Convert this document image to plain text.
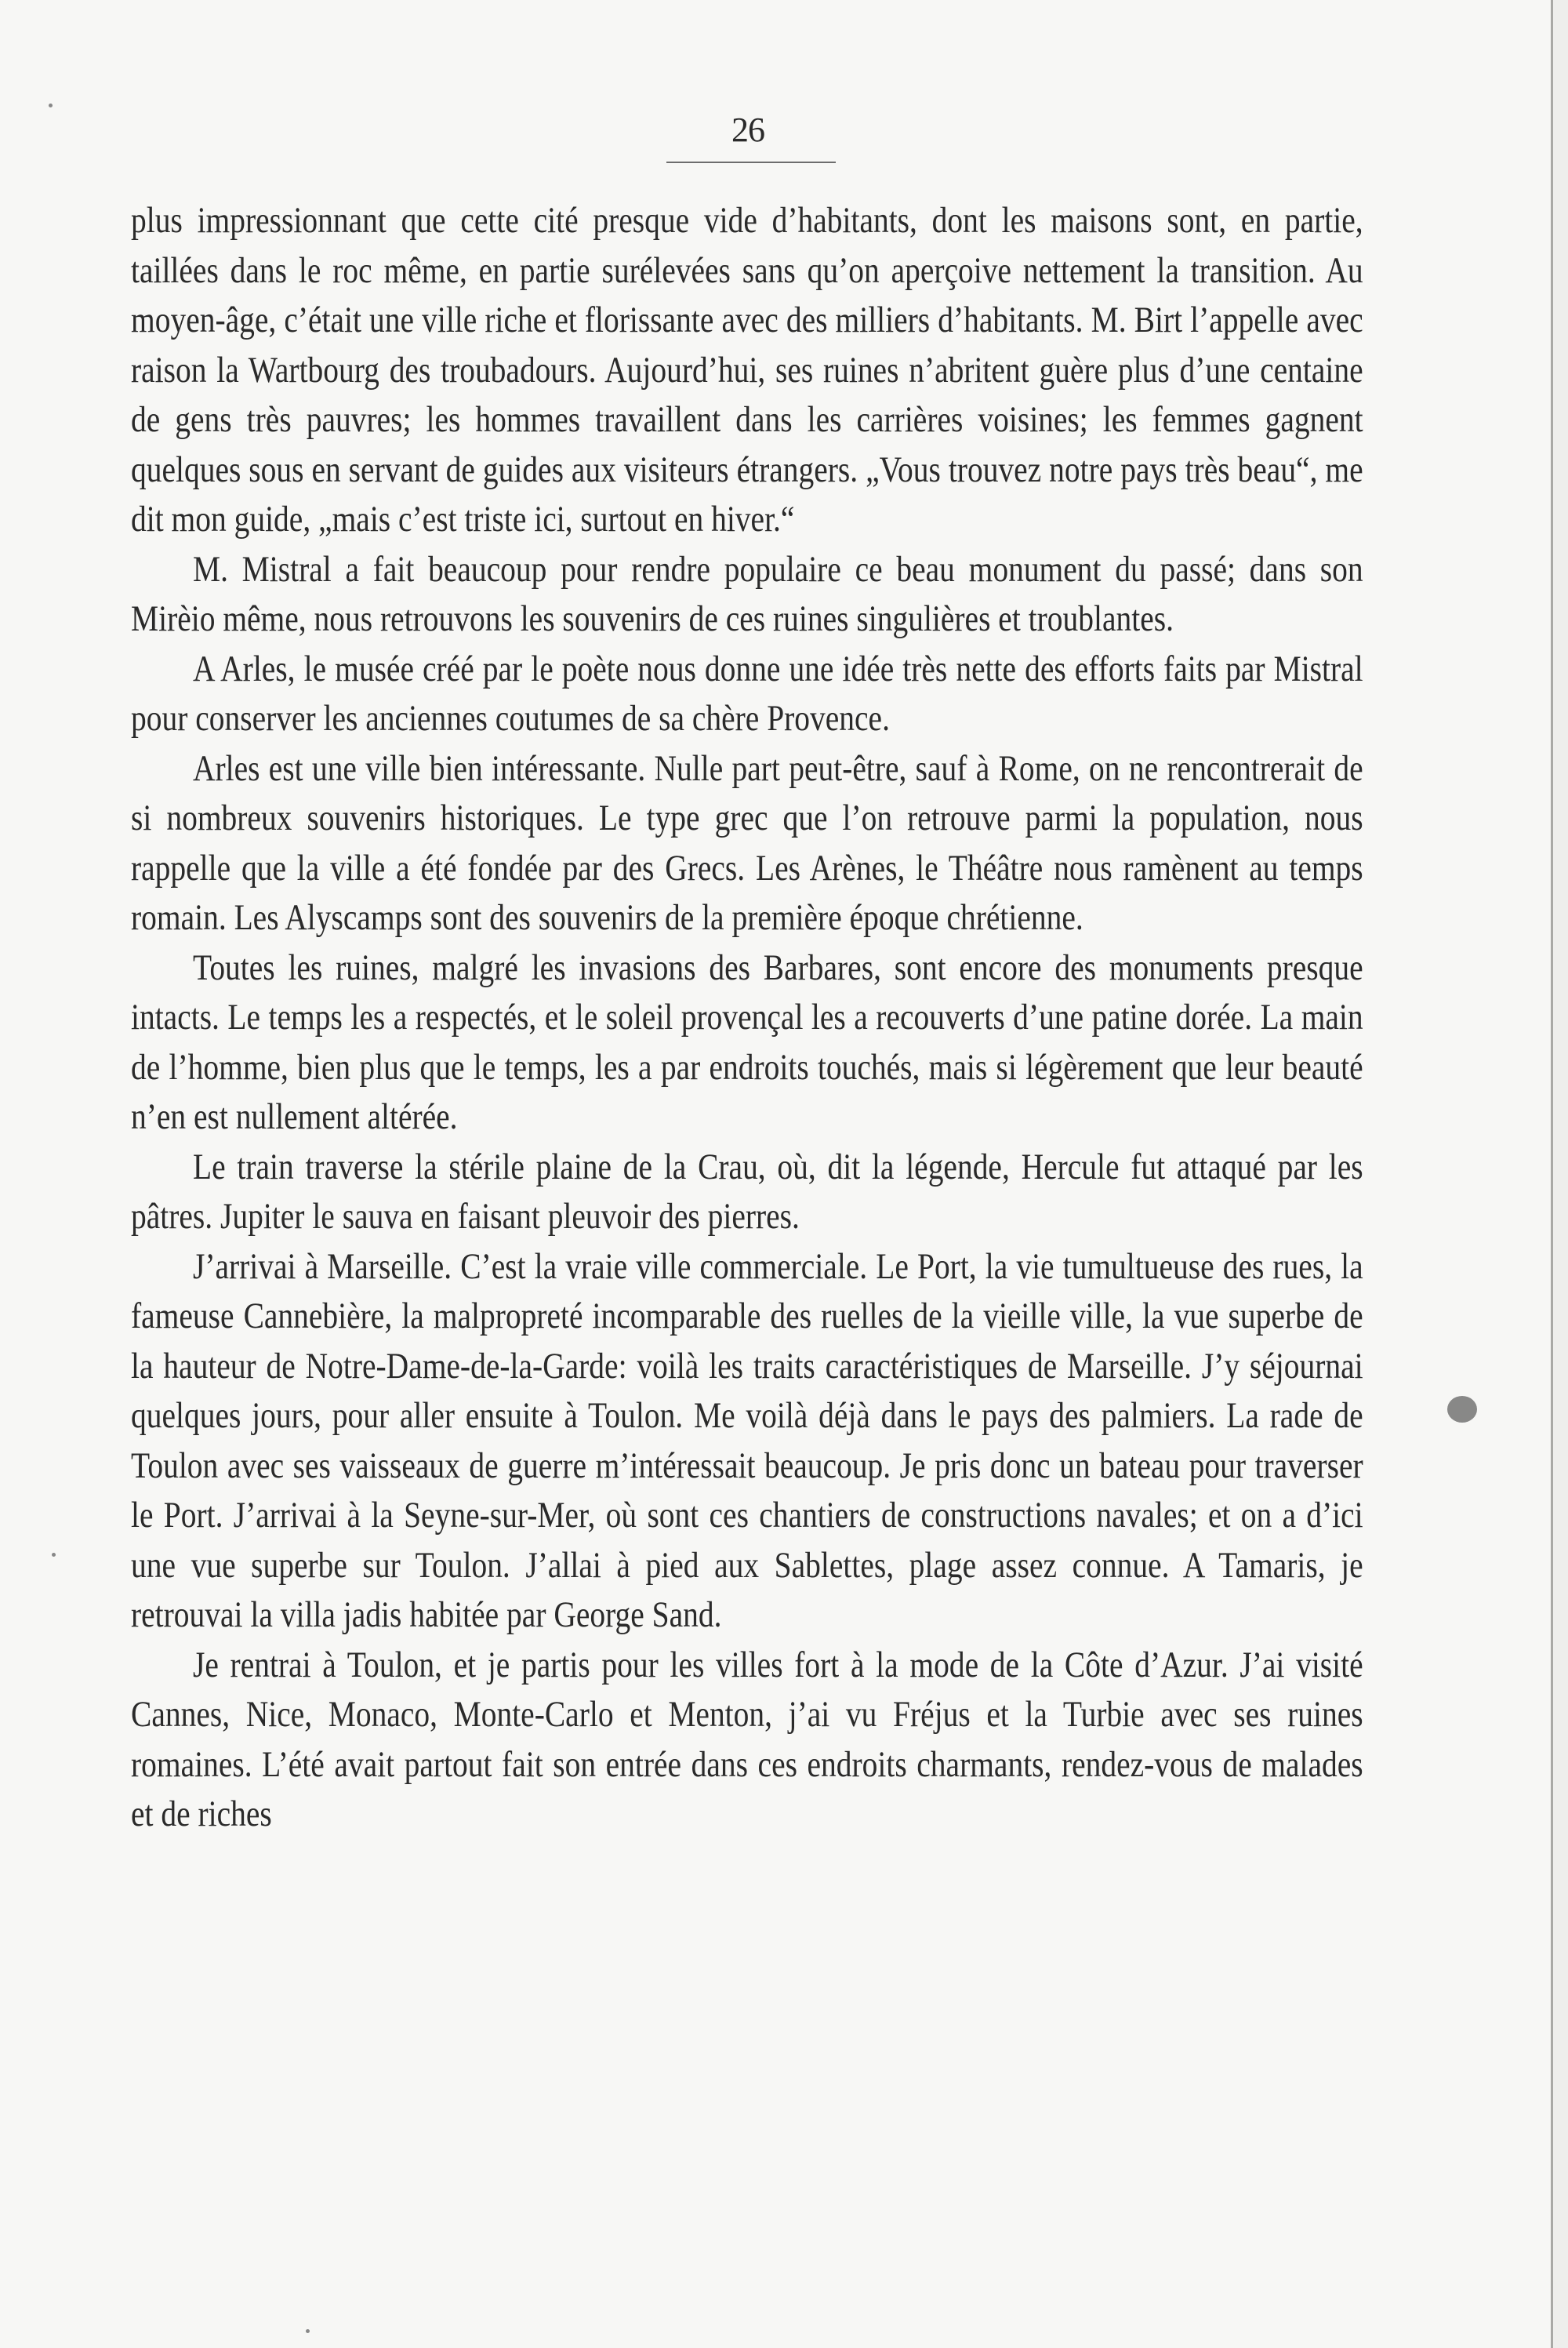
26

plus impressionnant que cette cité presque vide d’habitants, dont les maisons sont, en partie, taillées dans le roc même, en partie surélevées sans qu’on aperçoive nettement la transition. Au moyen-âge, c’était une ville riche et florissante avec des milliers d’habitants. M. Birt l’appelle avec raison la Wartbourg des troubadours. Aujourd’hui, ses ruines n’abritent guère plus d’une centaine de gens très pauvres; les hommes travaillent dans les carrières voisines; les femmes gagnent quelques sous en servant de guides aux visiteurs étrangers. „Vous trouvez notre pays très beau“, me dit mon guide, „mais c’est triste ici, surtout en hiver.“

M. Mistral a fait beaucoup pour rendre populaire ce beau monument du passé; dans son Mirèio même, nous retrouvons les souvenirs de ces ruines singulières et troublantes.

A Arles, le musée créé par le poète nous donne une idée très nette des efforts faits par Mistral pour conserver les anciennes coutumes de sa chère Provence.

Arles est une ville bien intéressante. Nulle part peut-être, sauf à Rome, on ne rencontrerait de si nombreux souvenirs historiques. Le type grec que l’on retrouve parmi la population, nous rappelle que la ville a été fondée par des Grecs. Les Arènes, le Théâtre nous ramènent au temps romain. Les Alyscamps sont des souvenirs de la première époque chrétienne.

Toutes les ruines, malgré les invasions des Barbares, sont encore des monuments presque intacts. Le temps les a respectés, et le soleil provençal les a recouverts d’une patine dorée. La main de l’homme, bien plus que le temps, les a par endroits touchés, mais si légèrement que leur beauté n’en est nullement altérée.

Le train traverse la stérile plaine de la Crau, où, dit la légende, Hercule fut attaqué par les pâtres. Jupiter le sauva en faisant pleuvoir des pierres.

J’arrivai à Marseille. C’est la vraie ville commerciale. Le Port, la vie tumultueuse des rues, la fameuse Cannebière, la malpropreté incomparable des ruelles de la vieille ville, la vue superbe de la hauteur de Notre-Dame-de-la-Garde: voilà les traits caractéristiques de Marseille. J’y séjournai quelques jours, pour aller ensuite à Toulon. Me voilà déjà dans le pays des palmiers. La rade de Toulon avec ses vaisseaux de guerre m’intéressait beaucoup. Je pris donc un bateau pour traverser le Port. J’arrivai à la Seyne-sur-Mer, où sont ces chantiers de constructions navales; et on a d’ici une vue superbe sur Toulon. J’allai à pied aux Sablettes, plage assez connue. A Tamaris, je retrouvai la villa jadis habitée par George Sand.

Je rentrai à Toulon, et je partis pour les villes fort à la mode de la Côte d’Azur. J’ai visité Cannes, Nice, Monaco, Monte-Carlo et Menton, j’ai vu Fréjus et la Turbie avec ses ruines romaines. L’été avait partout fait son entrée dans ces endroits charmants, rendez-vous de malades et de riches
